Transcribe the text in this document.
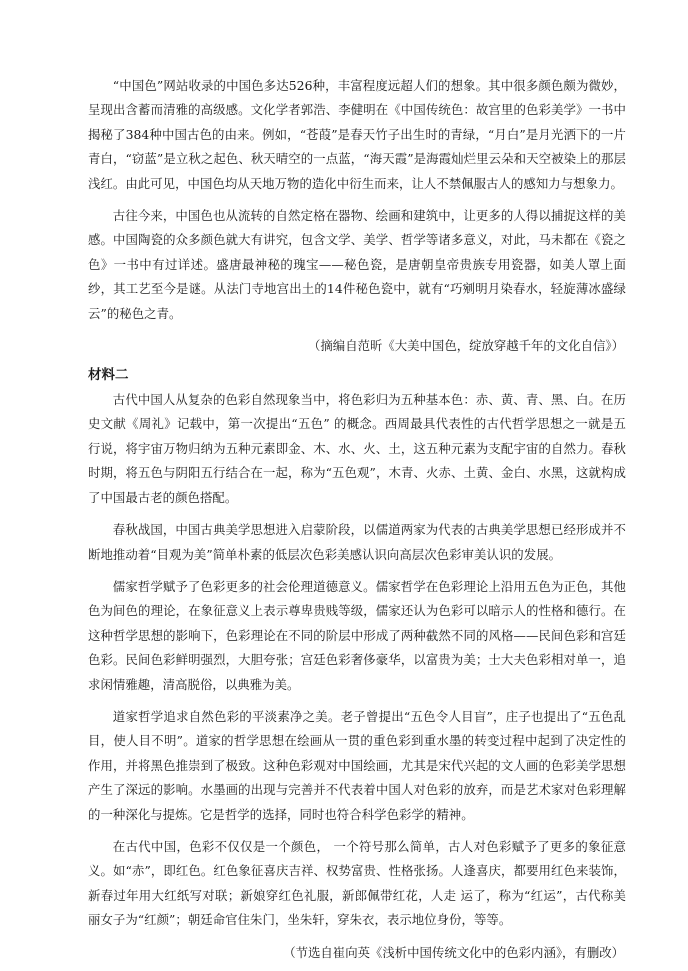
“中国色”网站收录的中国色多达526种，丰富程度远超人们的想象。其中很多颜色颇为微妙，呈现出含蓄而清雅的高级感。文化学者郭浩、李健明在《中国传统色：故宫里的色彩美学》一书中揭秘了384种中国古色的由来。例如，“苍葭”是春天竹子出生时的青绿，“月白”是月光洒下的一片青白，“窃蓝”是立秋之起色、秋天晴空的一点蓝，“海天霞”是海霞灿烂里云朵和天空被染上的那层浅红。由此可见，中国色均从天地万物的造化中衍生而来，让人不禁佩服古人的感知力与想象力。

古往今来，中国色也从流转的自然定格在器物、绘画和建筑中，让更多的人得以捕捉这样的美感。中国陶瓷的众多颜色就大有讲究，包含文学、美学、哲学等诸多意义，对此，马未都在《瓷之色》一书中有过详述。盛唐最神秘的瑰宝——秘色瓷，是唐朝皇帝贵族专用瓷器，如美人罩上面纱，其工艺至今是谜。从法门寺地宫出土的14件秘色瓷中，就有“巧剜明月染春水，轻旋薄冰盛绿云”的秘色之青。

（摘编自范昕《大美中国色，绽放穿越千年的文化自信》）

材料二

古代中国人从复杂的色彩自然现象当中，将色彩归为五种基本色：赤、黄、青、黑、白。在历史文献《周礼》记载中，第一次提出“五色” 的概念。西周最具代表性的古代哲学思想之一就是五行说，将宇宙万物归纳为五种元素即金、木、水、火、土，这五种元素为支配宇宙的自然力。春秋时期，将五色与阴阳五行结合在一起，称为“五色观”，木青、火赤、土黄、金白、水黑，这就构成了中国最古老的颜色搭配。

春秋战国，中国古典美学思想进入启蒙阶段，以儒道两家为代表的古典美学思想已经形成并不断地推动着“目观为美”简单朴素的低层次色彩美感认识向高层次色彩审美认识的发展。

儒家哲学赋予了色彩更多的社会伦理道德意义。儒家哲学在色彩理论上沿用五色为正色，其他色为间色的理论，在象征意义上表示尊卑贵贱等级，儒家还认为色彩可以暗示人的性格和德行。在这种哲学思想的影响下，色彩理论在不同的阶层中形成了两种截然不同的风格——民间色彩和宫廷色彩。民间色彩鲜明强烈，大胆夸张；宫廷色彩奢侈豪华，以富贵为美；士大夫色彩相对单一，追求闲情雅趣，清高脱俗，以典雅为美。

道家哲学追求自然色彩的平淡素净之美。老子曾提出“五色令人目盲”，庄子也提出了“五色乱目，使人目不明”。道家的哲学思想在绘画从一贯的重色彩到重水墨的转变过程中起到了决定性的作用，并将黑色推崇到了极致。这种色彩观对中国绘画，尤其是宋代兴起的文人画的色彩美学思想产生了深远的影响。水墨画的出现与完善并不代表着中国人对色彩的放弃，而是艺术家对色彩理解的一种深化与提炼。它是哲学的选择，同时也符合科学色彩学的精神。

在古代中国，色彩不仅仅是一个颜色， 一个符号那么简单，古人对色彩赋予了更多的象征意义。如“赤”，即红色。红色象征喜庆吉祥、权势富贵、性格张扬。人逢喜庆，都要用红色来装饰，新春过年用大红纸写对联；新娘穿红色礼服，新郎佩带红花，人走 运了，称为“红运”，古代称美丽女子为“红颜”；朝廷命官住朱门，坐朱轩，穿朱衣，表示地位身份，等等。

（节选自崔向英《浅析中国传统文化中的色彩内涵》，有删改）
